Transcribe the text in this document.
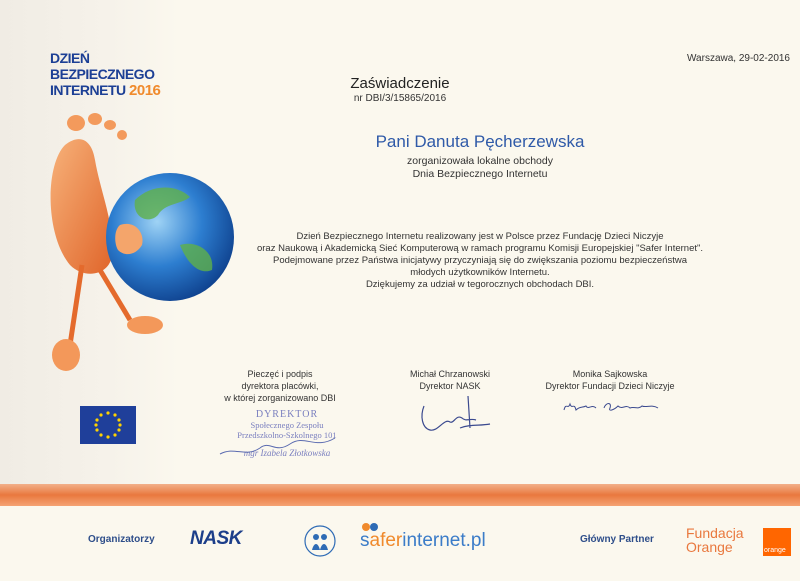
DZIEŃ
BEZPIECZNEGO
INTERNETU 2016
Warszawa, 29-02-2016
Zaświadczenie
nr DBI/3/15865/2016
Pani Danuta Pęcherzewska
zorganizowała lokalne obchody
Dnia Bezpiecznego Internetu
Dzień Bezpiecznego Internetu realizowany jest w Polsce przez Fundację Dzieci Niczyje
oraz Naukową i Akademicką Sieć Komputerową w ramach programu Komisji Europejskiej "Safer Internet".
Podejmowane przez Państwa inicjatywy przyczyniają się do zwiększania poziomu bezpieczeństwa
młodych użytkowników Internetu.
Dziękujemy za udział w tegorocznych obchodach DBI.
Pieczęć i podpis
dyrektora placówki,
w której zorganizowano DBI
Michał Chrzanowski
Dyrektor NASK
Monika Sajkowska
Dyrektor Fundacji Dzieci Niczyje
DYREKTOR
Społecznego Zespołu
Przedszkolno-Szkolnego 101
mgr Izabela Złotkowska
Organizatorzy NASK	saferinternet.pl	Główny Partner Fundacja
Orange	orange
